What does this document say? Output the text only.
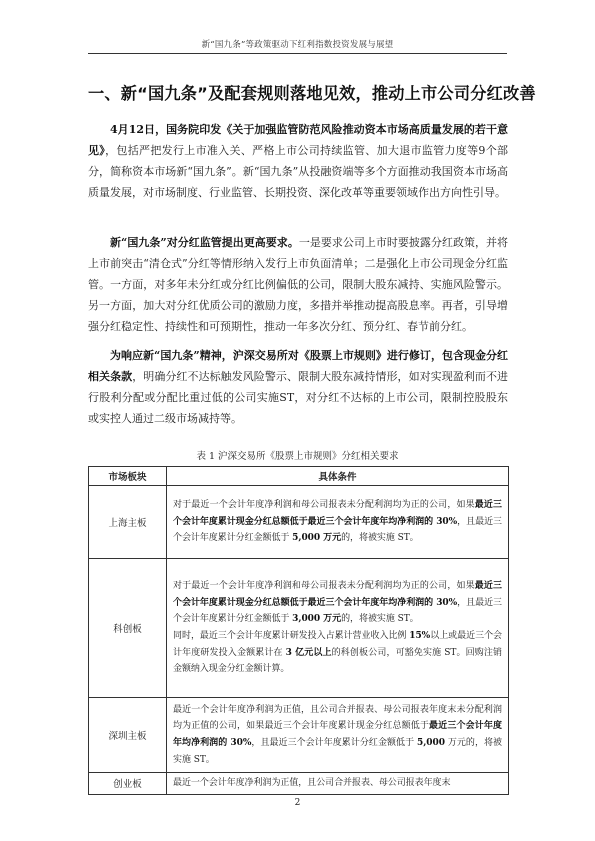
新“国九条”等政策驱动下红利指数投资发展与展望
一、新“国九条”及配套规则落地见效，推动上市公司分红改善

4月12日，国务院印发《关于加强监管防范风险推动资本市场高质量发展的若干意见》，包括严把发行上市准入关、严格上市公司持续监管、加大退市监管力度等9个部分，简称资本市场新“国九条”。新“国九条”从投融资端等多个方面推动我国资本市场高质量发展，对市场制度、行业监管、长期投资、深化改革等重要领域作出方向性引导。

新“国九条”对分红监管提出更高要求。一是要求公司上市时要披露分红政策，并将上市前突击“清仓式”分红等情形纳入发行上市负面清单；二是强化上市公司现金分红监管。一方面，对多年未分红或分红比例偏低的公司，限制大股东减持、实施风险警示。另一方面，加大对分红优质公司的激励力度，多措并举推动提高股息率。再者，引导增强分红稳定性、持续性和可预期性，推动一年多次分红、预分红、春节前分红。

为响应新“国九条”精神，沪深交易所对《股票上市规则》进行修订，包含现金分红相关条款，明确分红不达标触发风险警示、限制大股东减持情形，如对实现盈利而不进行股利分配或分配比重过低的公司实施ST，对分红不达标的上市公司，限制控股股东或实控人通过二级市场减持等。

表 1 沪深交易所《股票上市规则》分红相关要求
市场板块	具体条件
上海主板	对于最近一个会计年度净利润和母公司报表未分配利润均为正的公司，如果最近三个会计年度累计现金分红总额低于最近三个会计年度年均净利润的 30%，且最近三个会计年度累计分红金额低于 5,000 万元的，将被实施 ST。
科创板	对于最近一个会计年度净利润和母公司报表未分配利润均为正的公司，如果最近三个会计年度累计现金分红总额低于最近三个会计年度年均净利润的 30%，且最近三个会计年度累计分红金额低于 3,000 万元的，将被实施 ST。
同时，最近三个会计年度累计研发投入占累计营业收入比例 15%以上或最近三个会计年度研发投入金额累计在 3 亿元以上的科创板公司，可豁免实施 ST。回购注销金额纳入现金分红金额计算。
深圳主板	最近一个会计年度净利润为正值，且公司合并报表、母公司报表年度末未分配利润均为正值的公司，如果最近三个会计年度累计现金分红总额低于最近三个会计年度年均净利润的 30%，且最近三个会计年度累计分红金额低于 5,000 万元的，将被实施 ST。
创业板	最近一个会计年度净利润为正值，且公司合并报表、母公司报表年度末
2
